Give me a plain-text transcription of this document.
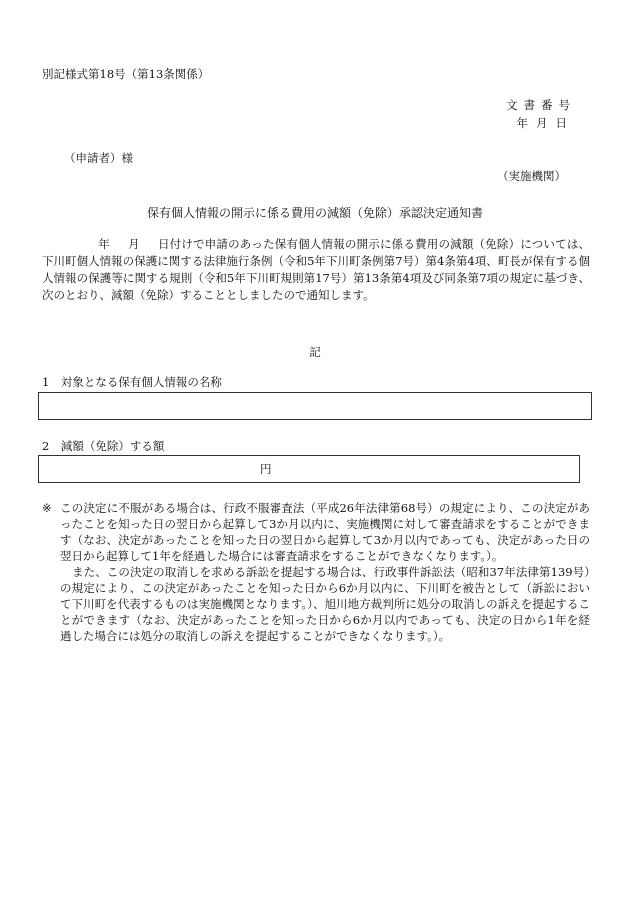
別記様式第18号（第13条関係）
文書番号
年月日
（申請者）様
（実施機関）
保有個人情報の開示に係る費用の減額（免除）承認決定通知書
年 月 日付けで申請のあった保有個人情報の開示に係る費用の減額（免除）については、下川町個人情報の保護に関する法律施行条例（令和5年下川町条例第7号）第4条第4項、町長が保有する個人情報の保護等に関する規則（令和5年下川町規則第17号）第13条第4項及び同条第7項の規定に基づき、次のとおり、減額（免除）することとしましたので通知します。
記
1　対象となる保有個人情報の名称
2　減額（免除）する額
円

※ この決定に不服がある場合は、行政不服審査法（平成26年法律第68号）の規定により、この決定があったことを知った日の翌日から起算して3か月以内に、実施機関に対して審査請求をすることができます（なお、決定があったことを知った日の翌日から起算して3か月以内であっても、決定があった日の翌日から起算して1年を経過した場合には審査請求をすることができなくなります。）。

また、この決定の取消しを求める訴訟を提起する場合は、行政事件訴訟法（昭和37年法律第139号）の規定により、この決定があったことを知った日から6か月以内に、下川町を被告として（訴訟において下川町を代表するものは実施機関となります。）、旭川地方裁判所に処分の取消しの訴えを提起することができます（なお、決定があったことを知った日から6か月以内であっても、決定の日から1年を経過した場合には処分の取消しの訴えを提起することができなくなります。）。
